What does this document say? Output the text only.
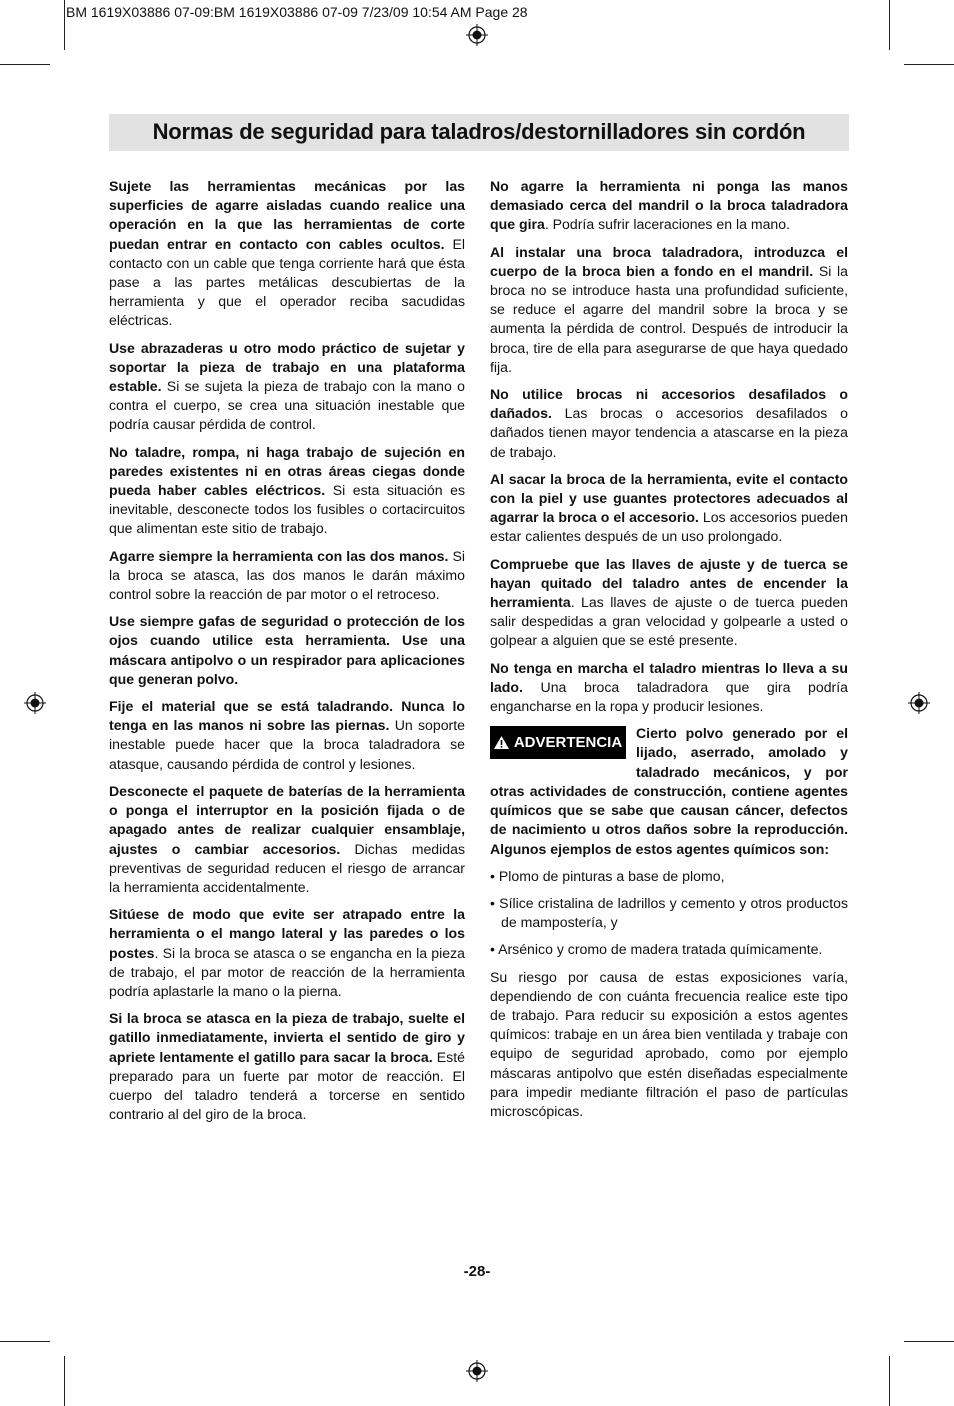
BM 1619X03886 07-09:BM 1619X03886 07-09 7/23/09 10:54 AM Page 28
Normas de seguridad para taladros/destornilladores sin cordón

Sujete las herramientas mecánicas por las superficies de agarre aisladas cuando realice una operación en la que las herramientas de corte puedan entrar en contacto con cables ocultos. El contacto con un cable que tenga corriente hará que ésta pase a las partes metálicas descubiertas de la herramienta y que el operador reciba sacudidas eléctricas.

Use abrazaderas u otro modo práctico de sujetar y soportar la pieza de trabajo en una plataforma estable. Si se sujeta la pieza de trabajo con la mano o contra el cuerpo, se crea una situación inestable que podría causar pérdida de control.

No taladre, rompa, ni haga trabajo de sujeción en paredes existentes ni en otras áreas ciegas donde pueda haber cables eléctricos. Si esta situación es inevitable, desconecte todos los fusibles o cortacircuitos que alimentan este sitio de trabajo.

Agarre siempre la herramienta con las dos manos. Si la broca se atasca, las dos manos le darán máximo control sobre la reacción de par motor o el retroceso.

Use siempre gafas de seguridad o protección de los ojos cuando utilice esta herramienta. Use una máscara antipolvo o un respirador para aplicaciones que generan polvo.

Fije el material que se está taladrando. Nunca lo tenga en las manos ni sobre las piernas. Un soporte inestable puede hacer que la broca taladradora se atasque, causando pérdida de control y lesiones.

Desconecte el paquete de baterías de la herramienta o ponga el interruptor en la posición fijada o de apagado antes de realizar cualquier ensamblaje, ajustes o cambiar accesorios. Dichas medidas preventivas de seguridad reducen el riesgo de arrancar la herramienta accidentalmente.

Sitúese de modo que evite ser atrapado entre la herramienta o el mango lateral y las paredes o los postes. Si la broca se atasca o se engancha en la pieza de trabajo, el par motor de reacción de la herramienta podría aplastarle la mano o la pierna.

Si la broca se atasca en la pieza de trabajo, suelte el gatillo inmediatamente, invierta el sentido de giro y apriete lentamente el gatillo para sacar la broca. Esté preparado para un fuerte par motor de reacción. El cuerpo del taladro tenderá a torcerse en sentido contrario al del giro de la broca.

No agarre la herramienta ni ponga las manos demasiado cerca del mandril o la broca taladradora que gira. Podría sufrir laceraciones en la mano.

Al instalar una broca taladradora, introduzca el cuerpo de la broca bien a fondo en el mandril. Si la broca no se introduce hasta una profundidad suficiente, se reduce el agarre del mandril sobre la broca y se aumenta la pérdida de control. Después de introducir la broca, tire de ella para asegurarse de que haya quedado fija.

No utilice brocas ni accesorios desafilados o dañados. Las brocas o accesorios desafilados o dañados tienen mayor tendencia a atascarse en la pieza de trabajo.

Al sacar la broca de la herramienta, evite el contacto con la piel y use guantes protectores adecuados al agarrar la broca o el accesorio. Los accesorios pueden estar calientes después de un uso prolongado.

Compruebe que las llaves de ajuste y de tuerca se hayan quitado del taladro antes de encender la herramienta. Las llaves de ajuste o de tuerca pueden salir despedidas a gran velocidad y golpearle a usted o golpear a alguien que se esté presente.

No tenga en marcha el taladro mientras lo lleva a su lado. Una broca taladradora que gira podría engancharse en la ropa y producir lesiones.

ADVERTENCIA

Cierto polvo generado por el lijado, aserrado, amolado y taladrado mecánicos, y por otras actividades de construcción, contiene agentes químicos que se sabe que causan cáncer, defectos de nacimiento u otros daños sobre la reproducción. Algunos ejemplos de estos agentes químicos son:

• Plomo de pinturas a base de plomo,

• Sílice cristalina de ladrillos y cemento y otros productos de mampostería, y

• Arsénico y cromo de madera tratada químicamente.

Su riesgo por causa de estas exposiciones varía, dependiendo de con cuánta frecuencia realice este tipo de trabajo. Para reducir su exposición a estos agentes químicos: trabaje en un área bien ventilada y trabaje con equipo de seguridad aprobado, como por ejemplo máscaras antipolvo que estén diseñadas especialmente para impedir mediante filtración el paso de partículas microscópicas.

-28-
